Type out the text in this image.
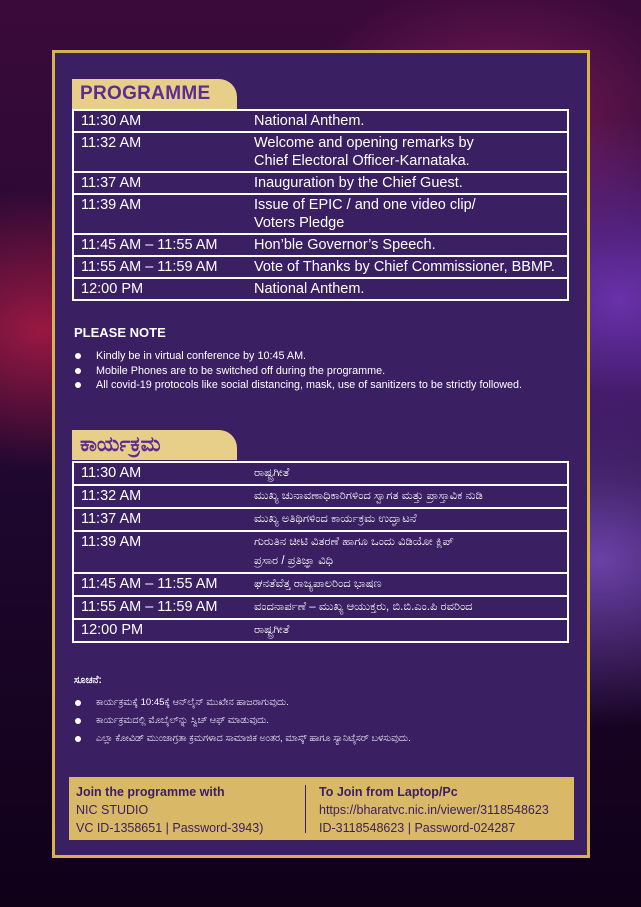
PROGRAMME
11:30 AM	National Anthem.
11:32 AM	Welcome and opening remarks by
Chief Electoral Officer-Karnataka.

11:37 AM	Inauguration by the Chief Guest.
11:39 AM	Issue of EPIC / and one video clip/
Voters Pledge

11:45 AM – 11:55 AM	Hon’ble Governor’s Speech.
11:55 AM – 11:59 AM	Vote of Thanks by Chief Commissioner, BBMP.
12:00 PM	National Anthem.
PLEASE NOTE
Kindly be in virtual conference by 10:45 AM.
Mobile Phones are to be switched off during the programme.
All covid-19 protocols like social distancing, mask, use of sanitizers to be strictly followed.
ಕಾರ್ಯಕ್ರಮ
11:30 AM	ರಾಷ್ಟ್ರಗೀತೆ
11:32 AM	ಮುಖ್ಯ ಚುನಾವಣಾಧಿಕಾರಿಗಳಿಂದ ಸ್ವಾಗತ ಮತ್ತು ಪ್ರಾಸ್ತಾವಿಕ ನುಡಿ
11:37 AM	ಮುಖ್ಯ ಅತಿಥಿಗಳಿಂದ ಕಾರ್ಯಕ್ರಮ ಉದ್ಘಾಟನೆ
11:39 AM	ಗುರುತಿನ ಚೀಟಿ ವಿತರಣೆ ಹಾಗೂ ಒಂದು ವಿಡಿಯೋ ಕ್ಲಿಪ್
ಪ್ರಸಾರ / ಪ್ರತಿಜ್ಞಾ ವಿಧಿ

11:45 AM – 11:55 AM	ಘನತೆವೆತ್ತ ರಾಜ್ಯಪಾಲರಿಂದ ಭಾಷಣ
11:55 AM – 11:59 AM	ವಂದನಾರ್ಪಣೆ – ಮುಖ್ಯ ಆಯುಕ್ತರು, ಬಿ.ಬಿ.ಎಂ.ಪಿ ರವರಿಂದ
12:00 PM	ರಾಷ್ಟ್ರಗೀತೆ
ಸೂಚನೆ:
ಕಾರ್ಯಕ್ರಮಕ್ಕೆ 10:45ಕ್ಕೆ ಆನ್‌ಲೈನ್ ಮುಖೇನ ಹಾಜರಾಗುವುದು.
ಕಾರ್ಯಕ್ರಮದಲ್ಲಿ ಮೊಬೈಲ್‌ನ್ನು ಸ್ವಿಚ್ ಆಫ್ ಮಾಡುವುದು.
ಎಲ್ಲಾ ಕೋವಿಡ್ ಮುಂಜಾಗ್ರತಾ ಕ್ರಮಗಳಾದ ಸಾಮಾಜಿಕ ಅಂತರ, ಮಾಸ್ಕ್ ಹಾಗೂ ಸ್ಯಾನಿಟೈಸರ್ ಬಳಸುವುದು.
Join the programme with
NIC STUDIO
VC ID-1358651 | Password-3943)
To Join from Laptop/Pc
https://bharatvc.nic.in/viewer/3118548623
ID-3118548623 | Password-024287
